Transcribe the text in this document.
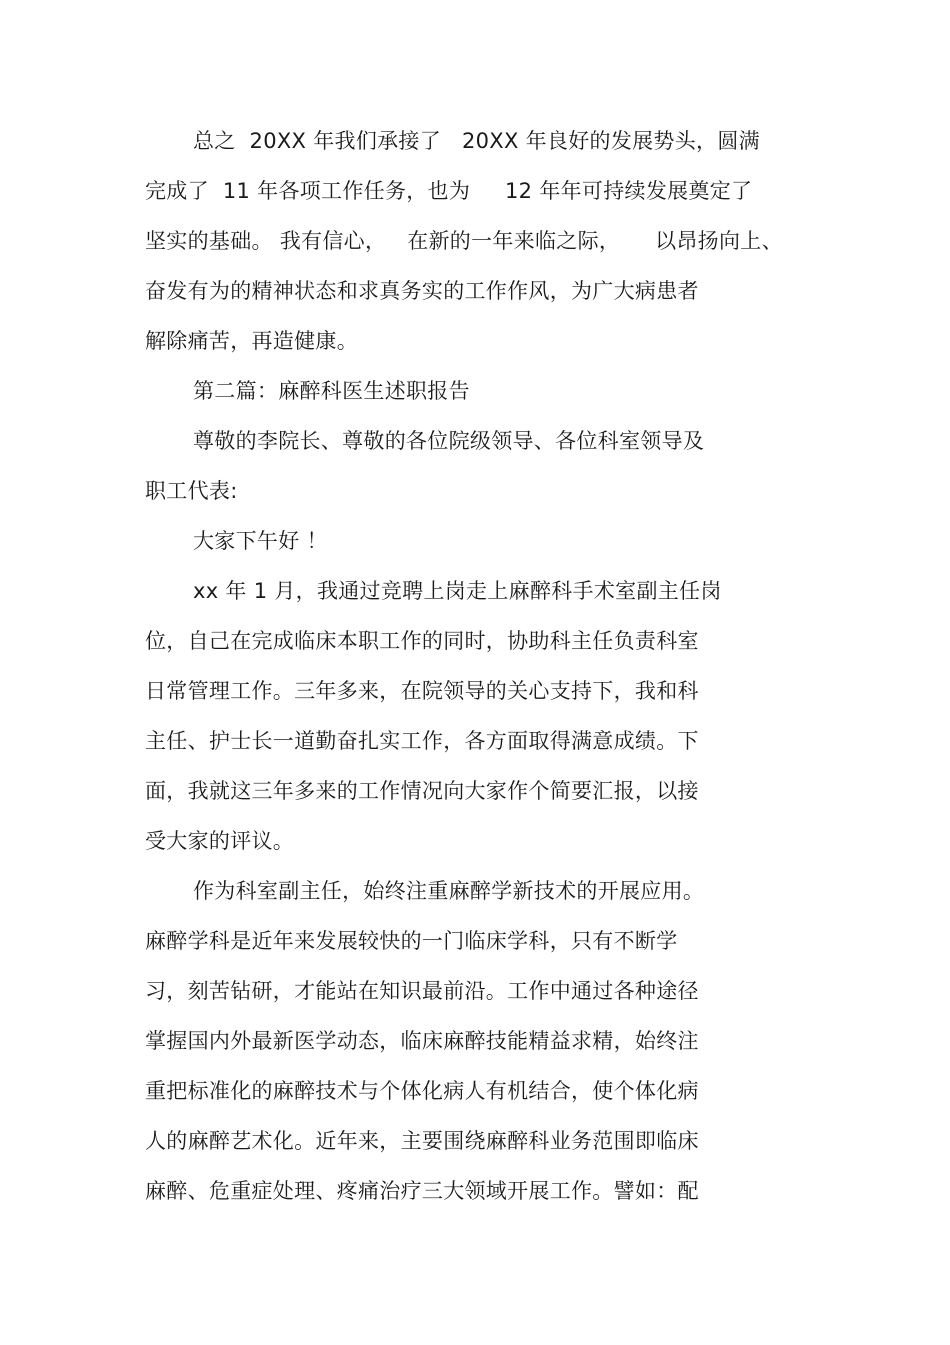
总之  20XX 年我们承接了   20XX 年良好的发展势头，圆满
完成了  11 年各项工作任务，也为     12 年年可持续发展奠定了
坚实的基础。 我有信心，   在新的一年来临之际，     以昂扬向上、
奋发有为的精神状态和求真务实的工作作风，为广大病患者
解除痛苦，再造健康。
第二篇：麻醉科医生述职报告
尊敬的李院长、尊敬的各位院级领导、各位科室领导及
职工代表:
大家下午好 ！
xx 年 1 月，我通过竞聘上岗走上麻醉科手术室副主任岗
位，自己在完成临床本职工作的同时，协助科主任负责科室
日常管理工作。三年多来，在院领导的关心支持下，我和科
主任、护士长一道勤奋扎实工作，各方面取得满意成绩。下
面，我就这三年多来的工作情况向大家作个简要汇报，以接
受大家的评议。
作为科室副主任，始终注重麻醉学新技术的开展应用。
麻醉学科是近年来发展较快的一门临床学科，只有不断学
习，刻苦钻研，才能站在知识最前沿。工作中通过各种途径
掌握国内外最新医学动态，临床麻醉技能精益求精，始终注
重把标准化的麻醉技术与个体化病人有机结合，使个体化病
人的麻醉艺术化。近年来，主要围绕麻醉科业务范围即临床
麻醉、危重症处理、疼痛治疗三大领域开展工作。譬如：配
